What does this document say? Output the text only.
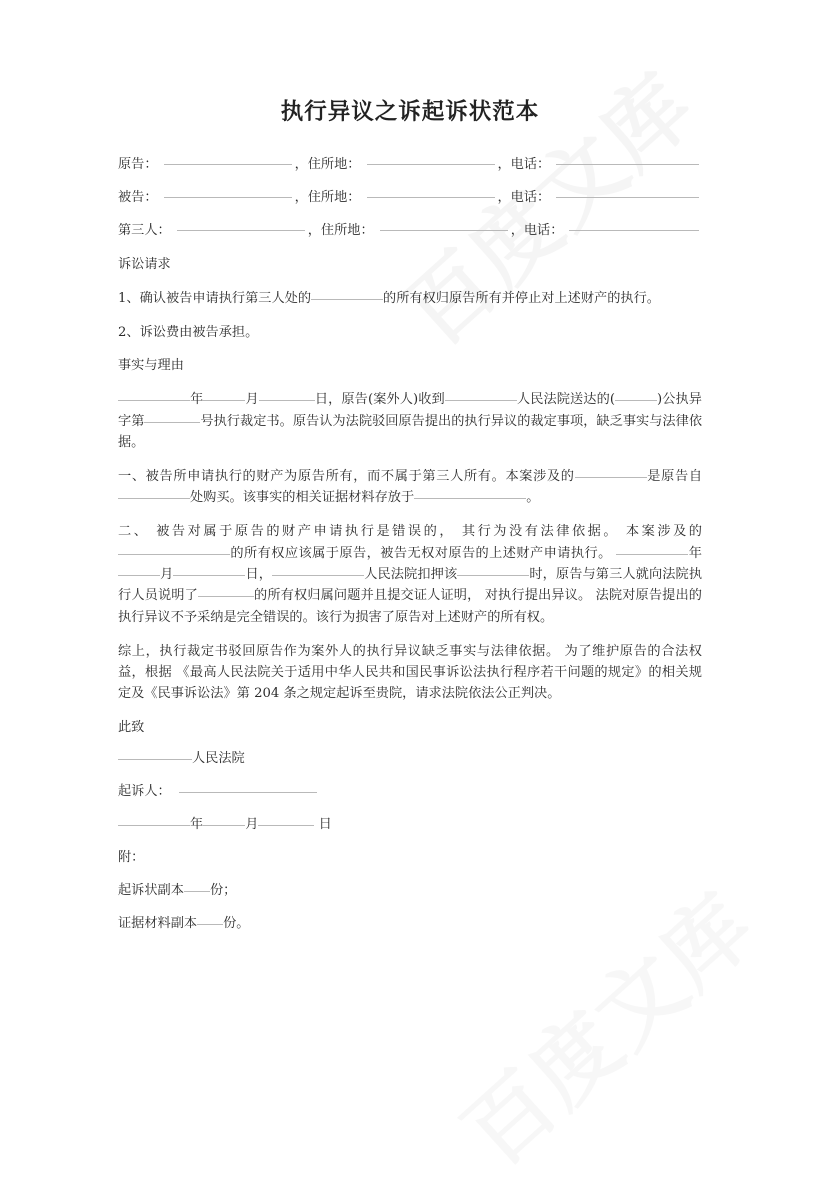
执行异议之诉起诉状范本
原告：	，住所地：	，电话：
被告：	，住所地：	，电话：
第三人：	，住所地：	，电话：

诉讼请求

1、确认被告申请执行第三人处的	的所有权归原告所有并停止对上述财产的执行。

2、诉讼费由被告承担。

事实与理由

年	月	日，原告(案外人)收到	人民法院送达的(	)公执异字第	号执行裁定书。原告认为法院驳回原告提出的执行异议的裁定事项，缺乏事实与法律依据。

一、被告所申请执行的财产为原告所有，而不属于第三人所有。本案涉及的	是原告自处购买。该事实的相关证据材料存放于	。

二、 被告对属于原告的财产申请执行是错误的， 其行为没有法律依据。 本案涉及的的所有权应该属于原告，被告无权对原告的上述财产申请执行。	年月	日，	人民法院扣押该	时，原告与第三人就向法院执行人员说明了	的所有权归属问题并且提交证人证明， 对执行提出异议。 法院对原告提出的执行异议不予采纳是完全错误的。该行为损害了原告对上述财产的所有权。

综上，执行裁定书驳回原告作为案外人的执行异议缺乏事实与法律依据。 为了维护原告的合法权益，根据 《最高人民法院关于适用中华人民共和国民事诉讼法执行程序若干问题的规定》的相关规定及《民事诉讼法》第 204 条之规定起诉至贵院，请求法院依法公正判决。

此致

人民法院
起诉人：
年	月	日

附：

起诉状副本 份；
证据材料副本 份。
